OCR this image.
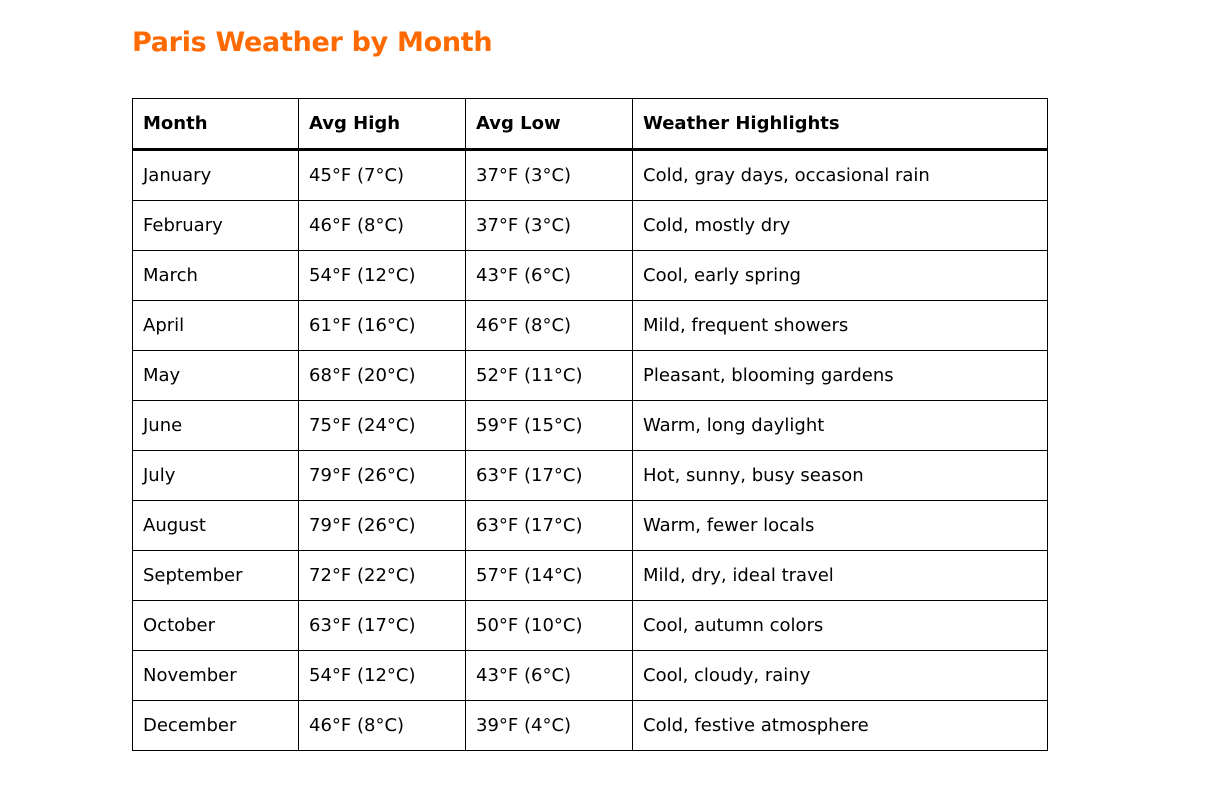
Paris Weather by Month
Month	Avg High	Avg Low	Weather Highlights
January	45°F (7°C)	37°F (3°C)	Cold, gray days, occasional rain
February	46°F (8°C)	37°F (3°C)	Cold, mostly dry
March	54°F (12°C)	43°F (6°C)	Cool, early spring
April	61°F (16°C)	46°F (8°C)	Mild, frequent showers
May	68°F (20°C)	52°F (11°C)	Pleasant, blooming gardens
June	75°F (24°C)	59°F (15°C)	Warm, long daylight
July	79°F (26°C)	63°F (17°C)	Hot, sunny, busy season
August	79°F (26°C)	63°F (17°C)	Warm, fewer locals
September	72°F (22°C)	57°F (14°C)	Mild, dry, ideal travel
October	63°F (17°C)	50°F (10°C)	Cool, autumn colors
November	54°F (12°C)	43°F (6°C)	Cool, cloudy, rainy
December	46°F (8°C)	39°F (4°C)	Cold, festive atmosphere
